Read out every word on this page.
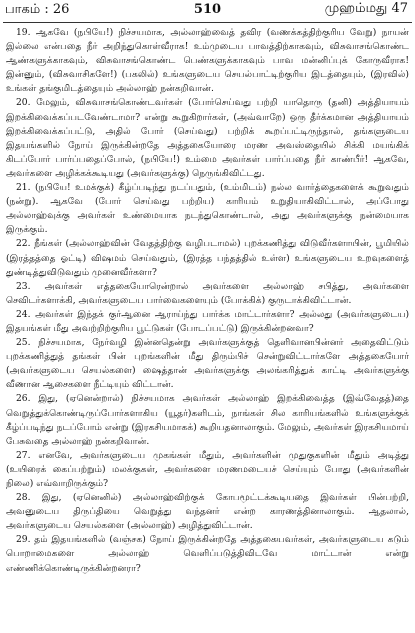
பாகம் : 26	510	முஹம்மது 47

19. ஆகவே (நபியே!) நிச்சயமாக, அல்லாஹ்வைத் தவிர (வணக்கத்திற்குரிய வேறு) நாயன் இல்லை என்பதை நீர் அறிந்துகொள்வீராக! உம்முடைய பாவத்திற்காகவும், விசுவாசங்கொண்ட ஆண்களுக்காகவும், விசுவாசங்கொண்ட பெண்களுக்காகவும் பாவ மன்னிப்புக் கோருவீராக! இன்னும், (விசுவாசிகளே!) (பகலில்) உங்களுடைய செயல்பாட்டிற்குரிய இடத்தையும், (இரவில்) உங்கள் தங்குமிடத்தையும் அல்லாஹ் நன்கறிவான்.

20. மேலும், விசுவாசங்கொண்டவர்கள் (போர்செய்வது பற்றி யாதொரு (தனி) அத்தியாயம் இறக்கிவைக்கப்படவேண்டாமா? என்று கூறுகிறார்கள், (அவ்வாறே) ஒரு தீர்க்கமான அத்தியாயம் இறக்கிவைக்கப்பட்டு, அதில் போர் (செய்வது) பற்றிக் கூறப்பட்டிருந்தால், தங்களுடைய இதயங்களில் நோய் இருக்கின்றதே அத்தகையோரை மரண அவஸ்தையில் சிக்கி மயங்கிக் கிடப்போர் பார்ப்பதைப்போல், (நபியே!) உம்மை அவர்கள் பார்ப்பதை நீர் காண்பீர்! ஆகவே, அவர்களை அழிக்கக்கூடியது (அவர்களுக்கு) நெருங்கிவிட்டது.

21. (நபியே! உமக்குக்) கீழ்ப்படிந்து நடப்பதும், (உம்மிடம்) நல்ல வார்த்தைகளைக் கூறுவதும் (நன்று). ஆகவே (போர் செய்வது பற்றிய) காரியம் உறுதியாகிவிட்டால், அப்போது அல்லாஹ்வுக்கு அவர்கள் உண்மையாக நடந்துகொண்டால், அது அவர்களுக்கு நன்மையாக இருக்கும்.

22. நீங்கள் (அல்லாஹ்வின் வேதத்திற்கு வழிபடாமல்) புறக்கணித்து விடுவீர்களாயின், பூமியில் (இரத்தத்தை ஓட்டி) விஷமம் செய்வதும், (இரத்த பந்தத்தில் உள்ள) உங்களுடைய உறவுகளைத் துண்டித்துவிடுவதும் முனைவீர்களா?

23. அவர்கள் எத்தகையோரென்றால் அவர்களை அல்லாஹ் சபித்து, அவர்களை செவிடர்களாக்கி, அவர்களுடைய பார்வைகளையும் (போக்கிக்) குருடாக்கிவிட்டான்.

24. அவர்கள் இந்தக் குர்ஆனை ஆராய்ந்து பார்க்க மாட்டார்களா? அல்லது (அவர்களுடைய) இதயங்கள் மீது அவற்றிற்குரிய பூட்டுகள் (போடப்பட்டு) இருக்கின்றனவா?

25. நிச்சயமாக, நேர்வழி இன்னதென்று அவர்களுக்குத் தெளிவானபின்னர் அதைவிட்டும் புறக்கணித்துத் தங்கள் பின் புறங்களின் மீது திரும்பிச் சென்றுவிட்டார்களே அத்தகையோர் (அவர்களுடைய செயல்களை) ஷைத்தான் அவர்களுக்கு அலங்கரித்துக் காட்டி அவர்களுக்கு வீணான ஆசைகளை நீட்டியும் விட்டான்.

26. இது, (ஏனென்றால்) நிச்சயமாக அவர்கள் அல்லாஹ் இறக்கிவைத்த (இவ்வேதத்)தை வெறுத்துக்கொண்டிருப்போர்களாகிய (யூதர்)களிடம், நாங்கள் சில காரியங்களில் உங்களுக்குக் கீழ்ப்படிந்து நடப்போம் என்று (இரகசியமாகக்) கூறியதனாலாகும். மேலும், அவர்கள் இரகசியமாய் பேசுவதை அல்லாஹ் நன்கறிவான்.

27. எனவே, அவர்களுடைய முகங்கள் மீதும், அவர்களின் முதுகுகளின் மீதும் அடித்து (உயிரைக் கைப்பற்றும்) மலக்குகள், அவர்களை மரணமடையச் செய்யும் போது (அவர்களின் நிலை) எவ்வாறிருக்கும்?

28. இது, (ஏனெனில்) அல்லாஹ்விற்குக் கோபமூட்டக்கூடியதை இவர்கள் பின்பற்றி, அவனுடைய திருப்தியை வெறுத்து வந்தனர் என்ற காரணத்தினாலாகும். ஆதலால், அவர்களுடைய செயல்களை (அல்லாஹ்) அழித்துவிட்டான்.

29. தம் இதயங்களில் (வஞ்சக) நோய் இருக்கின்றதே அத்தகையவர்கள், அவர்களுடைய கடும் பொறாமைகளை அல்லாஹ் வெளிப்படுத்திவிடவே மாட்டான் என்று எண்ணிக்கொண்டிருக்கின்றனரா?
